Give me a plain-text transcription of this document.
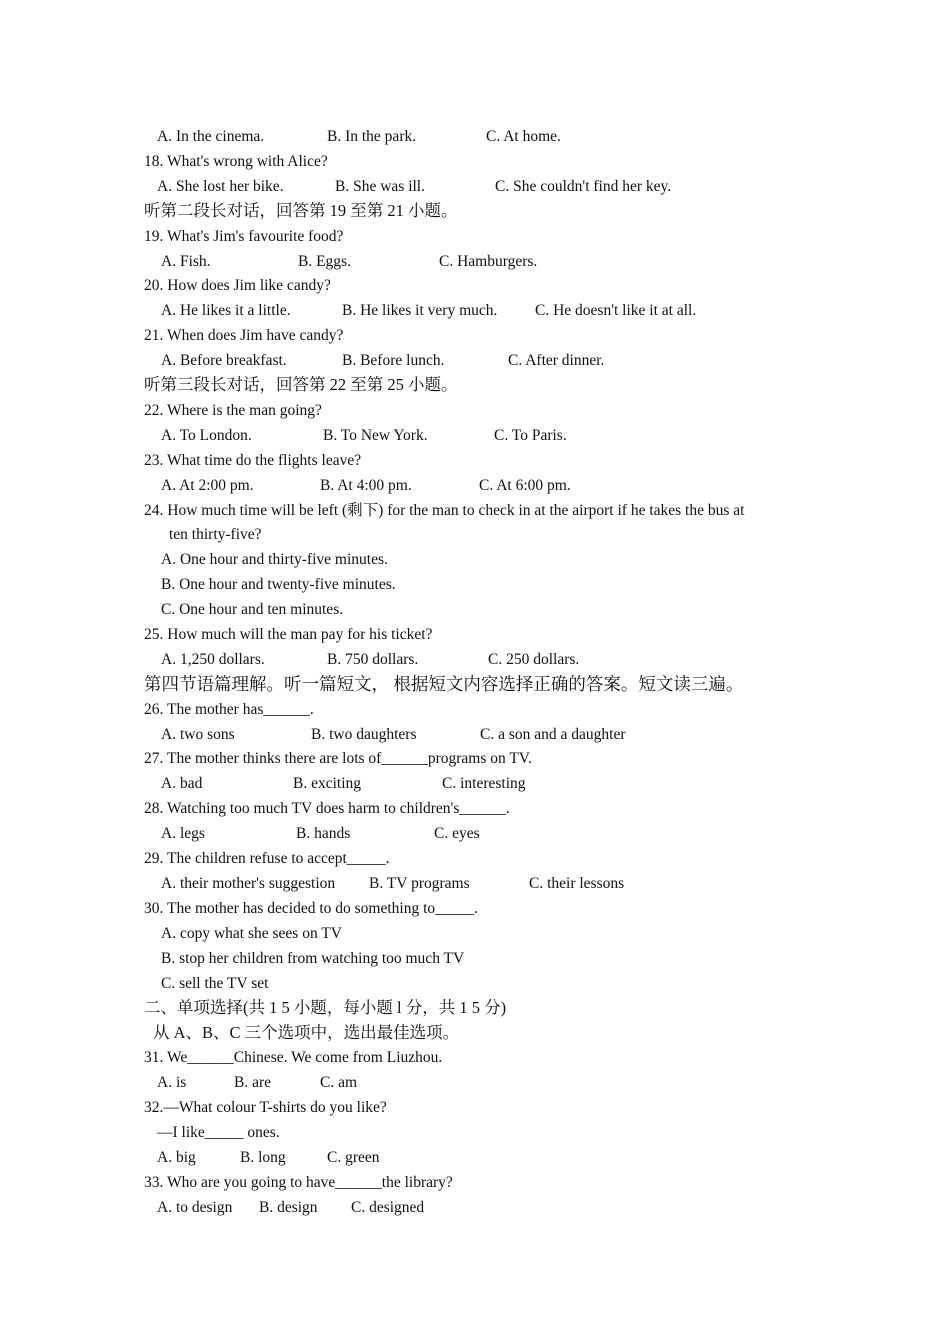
A. In the cinema.	B. In the park.	C. At home.
18. What's wrong with Alice?
A. She lost her bike.	B. She was ill.	C. She couldn't find her key.
听第二段长对话，回答第 19 至第 21 小题。
19. What's Jim's favourite food?
A. Fish.	B. Eggs.	C. Hamburgers.
20. How does Jim like candy?
A. He likes it a little.	B. He likes it very much. C. He doesn't like it at all.
21. When does Jim have candy?
A. Before breakfast.	B. Before lunch.	C. After dinner.
听第三段长对话，回答第 22 至第 25 小题。
22. Where is the man going?
A. To London.	B. To New York.	C. To Paris.
23. What time do the flights leave?
A. At 2:00 pm.	B. At 4:00 pm.	C. At 6:00 pm.
24. How much time will be left (剩下) for the man to check in at the airport if he takes the bus at
ten thirty-five?
A. One hour and thirty-five minutes.
B. One hour and twenty-five minutes.
C. One hour and ten minutes.
25. How much will the man pay for his ticket?
A. 1,250 dollars.	B. 750 dollars.	C. 250 dollars.
第四节语篇理解。听一篇短文， 根据短文内容选择正确的答案。短文读三遍。
26. The mother has______.
A. two sons	B. two daughters	C. a son and a daughter
27. The mother thinks there are lots of______programs on TV.
A. bad	B. exciting	C. interesting
28. Watching too much TV does harm to children's______.
A. legs	B. hands	C. eyes
29. The children refuse to accept_____.
A. their mother's suggestion B. TV programs	C. their lessons
30. The mother has decided to do something to_____.
A. copy what she sees on TV
B. stop her children from watching too much TV
C. sell the TV set
二、单项选择(共 1 5 小题，每小题 l 分，共 1 5 分)
从 A、B、C 三个选项中，选出最佳选项。
31. We______Chinese. We come from Liuzhou.
A. is	B. are	C. am
32.—What colour T-shirts do you like?
—I like_____ ones.
A. big	B. long	C. green
33. Who are you going to have______the library?
A. to design B. design C. designed
